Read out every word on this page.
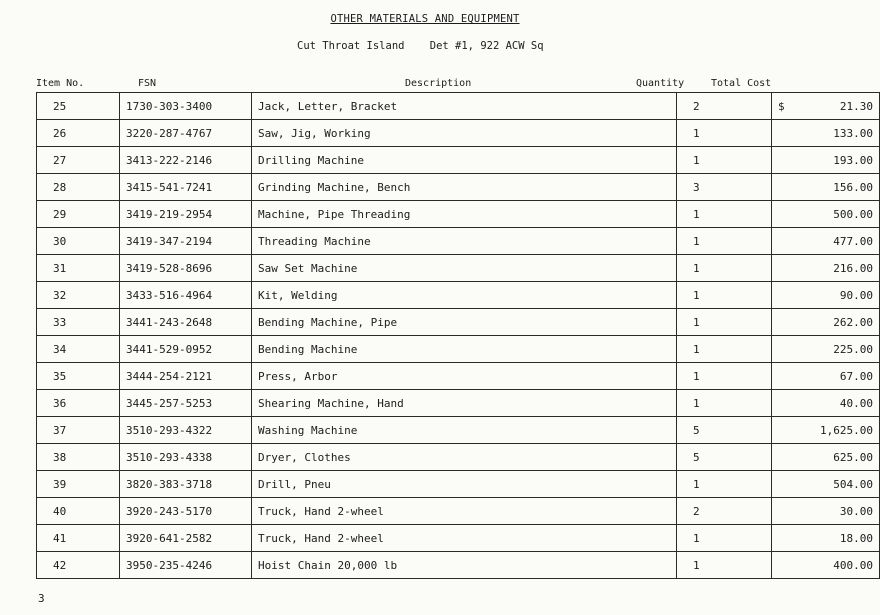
OTHER MATERIALS AND EQUIPMENT
Cut Throat Island    Det #1, 922 ACW Sq
Item No.	FSN	Description	Quantity	Total Cost
25	1730-303-3400	Jack, Letter, Bracket	2	$ 21.30

26	3220-287-4767	Saw, Jig, Working	1	133.00

27	3413-222-2146	Drilling Machine	1	193.00

28	3415-541-7241	Grinding Machine, Bench	3	156.00

29	3419-219-2954	Machine, Pipe Threading	1	500.00

30	3419-347-2194	Threading Machine	1	477.00

31	3419-528-8696	Saw Set Machine	1	216.00

32	3433-516-4964	Kit, Welding	1	90.00

33	3441-243-2648	Bending Machine, Pipe	1	262.00

34	3441-529-0952	Bending Machine	1	225.00

35	3444-254-2121	Press, Arbor	1	67.00

36	3445-257-5253	Shearing Machine, Hand	1	40.00

37	3510-293-4322	Washing Machine	5	1,625.00

38	3510-293-4338	Dryer, Clothes	5	625.00

39	3820-383-3718	Drill, Pneu	1	504.00

40	3920-243-5170	Truck, Hand 2-wheel	2	30.00

41	3920-641-2582	Truck, Hand 2-wheel	1	18.00

42	3950-235-4246	Hoist Chain 20,000 lb	1	400.00
3
